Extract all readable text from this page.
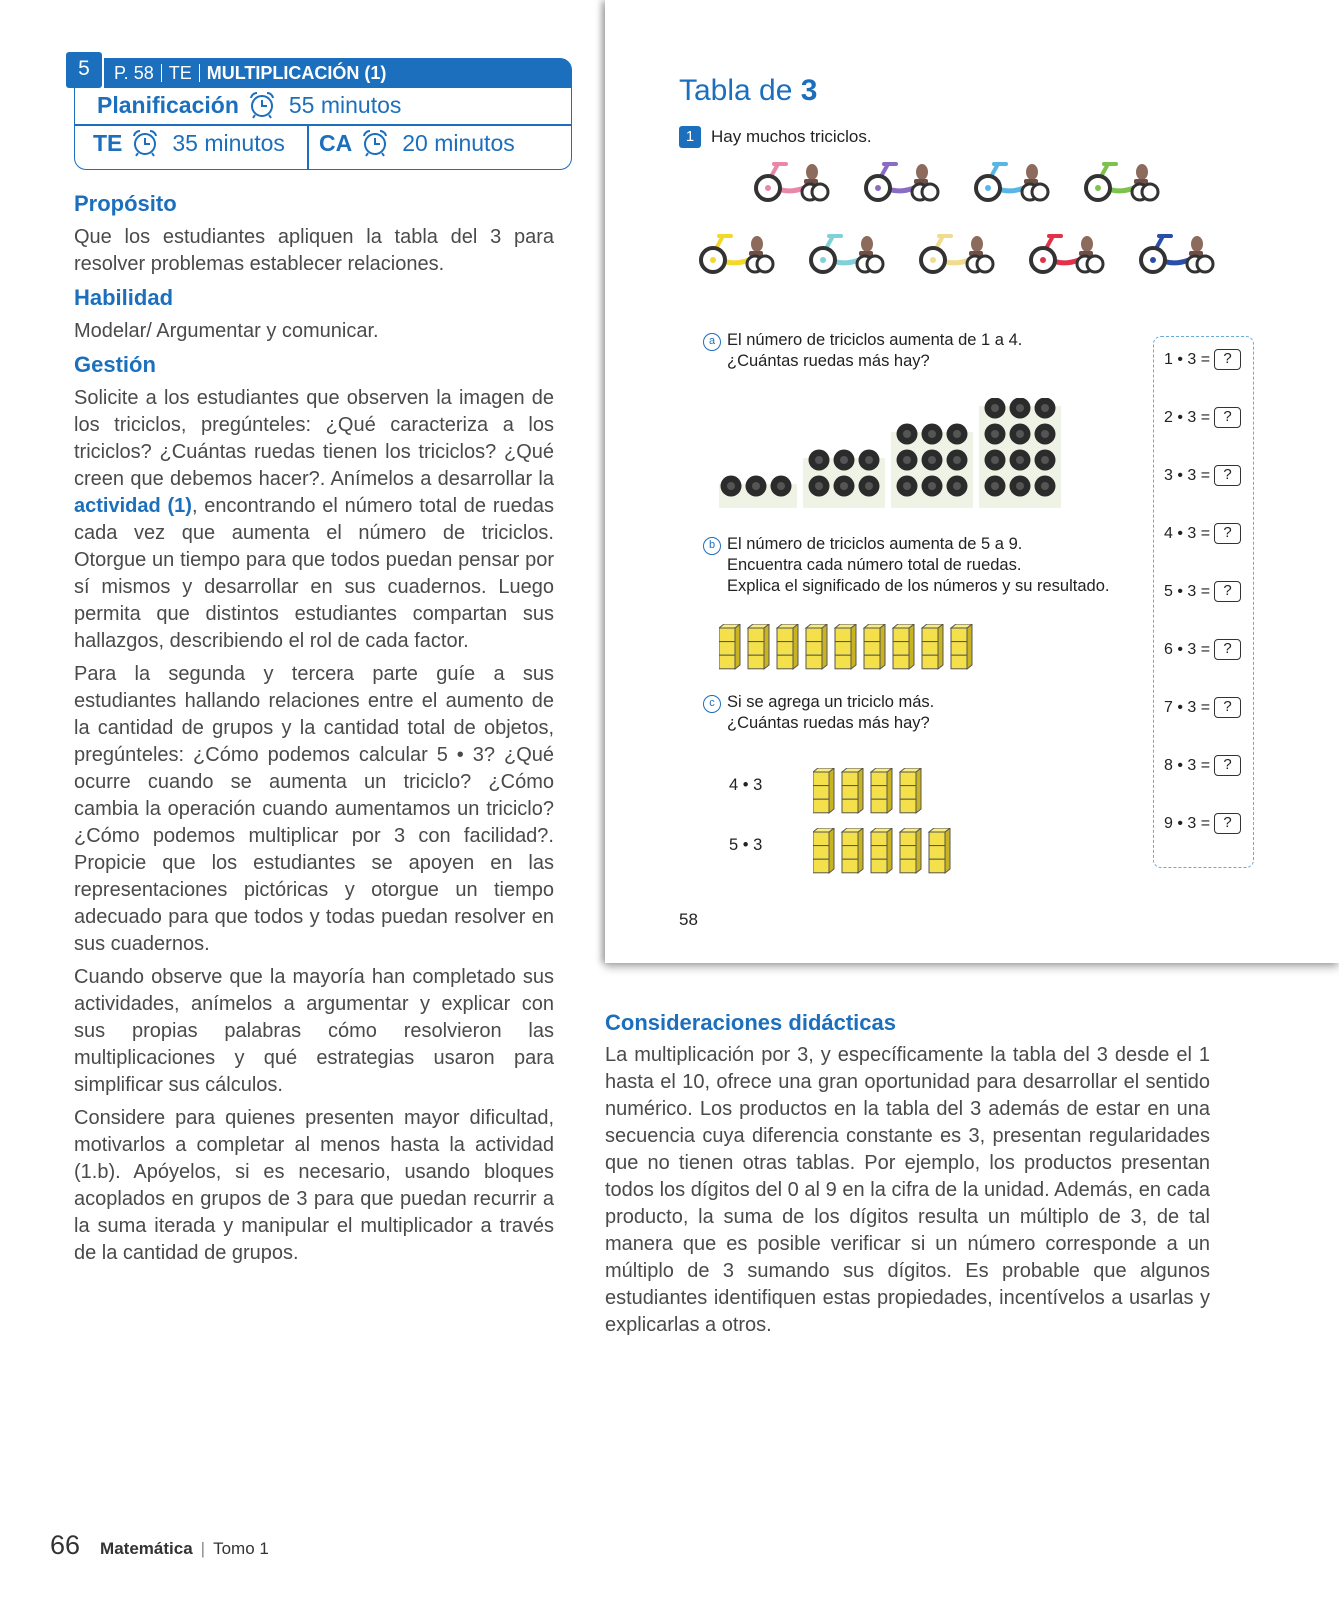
5	P. 58 TE MULTIPLICACIÓN (1)
Planificación 55 minutos
TE 35 minutos CA 20 minutos
Propósito

Que los estudiantes apliquen la tabla del 3 para resolver problemas establecer relaciones.

Habilidad

Modelar/ Argumentar y comunicar.

Gestión

Solicite a los estudiantes que observen la imagen de los triciclos, pregúnteles: ¿Qué caracteriza a los triciclos? ¿Cuántas ruedas tienen los triciclos? ¿Qué creen que debemos hacer?. Anímelos a desarrollar la actividad (1), encontrando el número total de ruedas cada vez que aumenta el número de triciclos. Otorgue un tiempo para que todos puedan pensar por sí mismos y desarrollar en sus cuadernos. Luego permita que distintos estudiantes compartan sus hallazgos, describiendo el rol de cada factor.

Para la segunda y tercera parte guíe a sus estudiantes hallando relaciones entre el aumento de la cantidad de grupos y la cantidad total de objetos, pregúnteles: ¿Cómo podemos calcular 5 • 3? ¿Qué ocurre cuando se aumenta un triciclo? ¿Cómo cambia la operación cuando aumentamos un triciclo? ¿Cómo podemos multiplicar por 3 con facilidad?. Propicie que los estudiantes se apoyen en las representaciones pictóricas y otorgue un tiempo adecuado para que todos y todas puedan resolver en sus cuadernos.

Cuando observe que la mayoría han completado sus actividades, anímelos a argumentar y explicar con sus propias palabras cómo resolvieron las multiplicaciones y qué estrategias usaron para simplificar sus cálculos.

Considere para quienes presenten mayor dificultad, motivarlos a completar al menos hasta la actividad (1.b). Apóyelos, si es necesario, usando bloques acoplados en grupos de 3 para que puedan recurrir a la suma iterada y manipular el multiplicador a través de la cantidad de grupos.

Tabla de 3
1 Hay muchos triciclos.
a El número de triciclos aumenta de 1 a 4.
¿Cuántas ruedas más hay?
b El número de triciclos aumenta de 5 a 9.
Encuentra cada número total de ruedas.
Explica el significado de los números y su resultado.
c Si se agrega un triciclo más.
¿Cuántas ruedas más hay?
4 • 3
5 • 3
1 • 3 = ?
2 • 3 = ?
3 • 3 = ?
4 • 3 = ?
5 • 3 = ?
6 • 3 = ?
7 • 3 = ?
8 • 3 = ?
9 • 3 = ?
58
Consideraciones didácticas

La multiplicación por 3, y específicamente la tabla del 3 desde el 1 hasta el 10, ofrece una gran oportunidad para desarrollar el sentido numérico. Los productos en la tabla del 3 además de estar en una secuencia cuya diferencia constante es 3, presentan regularidades que no tienen otras tablas. Por ejemplo, los productos presentan todos los dígitos del 0 al 9 en la cifra de la unidad. Además, en cada producto, la suma de los dígitos resulta un múltiplo de 3, de tal manera que es posible verificar si un número corresponde a un múltiplo de 3 sumando sus dígitos. Es probable que algunos estudiantes identifiquen estas propiedades, incentívelos a usarlas y explicarlas a otros.

66 Matemática | Tomo 1
